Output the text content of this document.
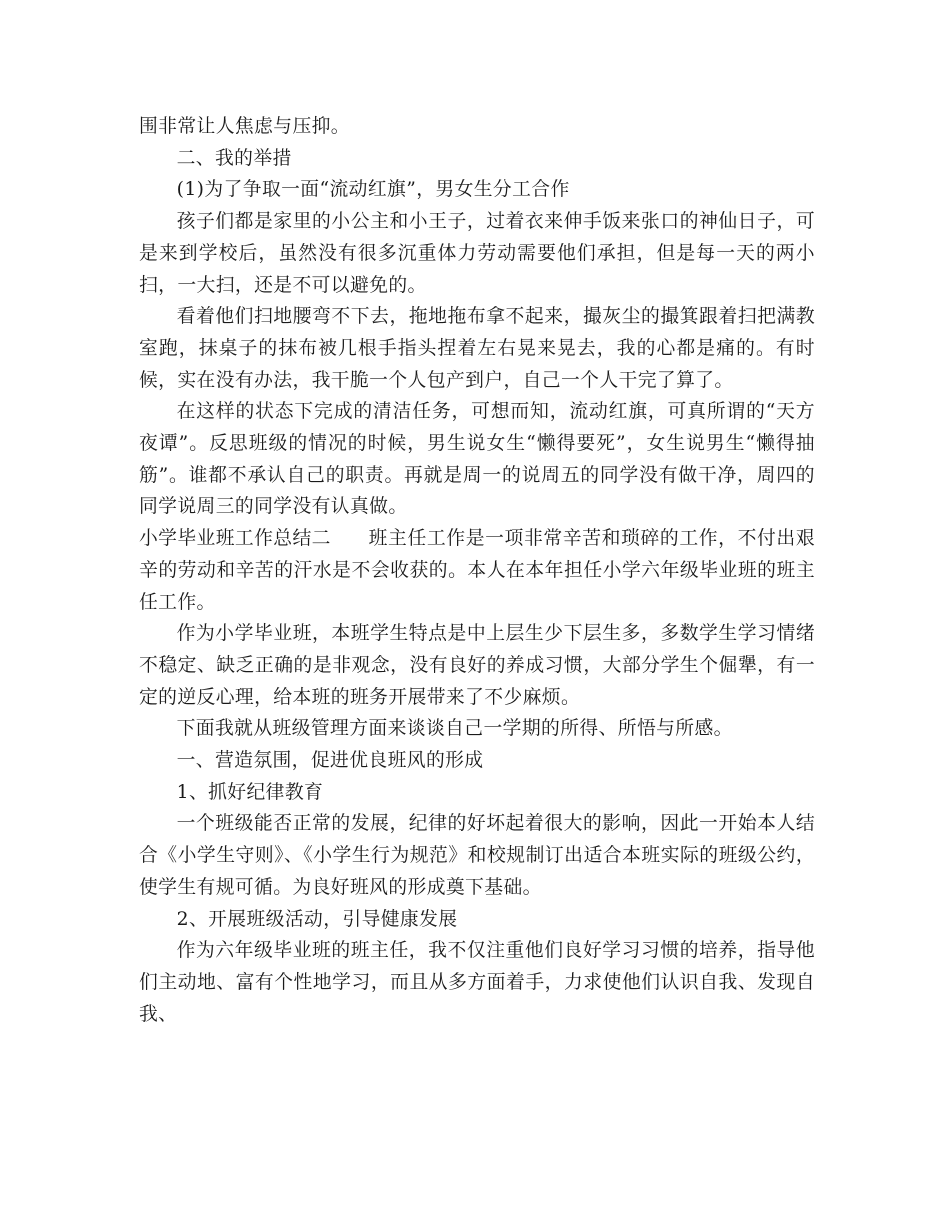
围非常让人焦虑与压抑。

二、我的举措

(1)为了争取一面“流动红旗”，男女生分工合作

孩子们都是家里的小公主和小王子，过着衣来伸手饭来张口的神仙日子，可是来到学校后，虽然没有很多沉重体力劳动需要他们承担，但是每一天的两小扫，一大扫，还是不可以避免的。

看着他们扫地腰弯不下去，拖地拖布拿不起来，撮灰尘的撮箕跟着扫把满教室跑，抹桌子的抹布被几根手指头捏着左右晃来晃去，我的心都是痛的。有时候，实在没有办法，我干脆一个人包产到户，自己一个人干完了算了。

在这样的状态下完成的清洁任务，可想而知，流动红旗，可真所谓的“天方夜谭”。反思班级的情况的时候，男生说女生“懒得要死”，女生说男生“懒得抽筋”。谁都不承认自己的职责。再就是周一的说周五的同学没有做干净，周四的同学说周三的同学没有认真做。

小学毕业班工作总结二 班主任工作是一项非常辛苦和琐碎的工作，不付出艰辛的劳动和辛苦的汗水是不会收获的。本人在本年担任小学六年级毕业班的班主任工作。

作为小学毕业班，本班学生特点是中上层生少下层生多，多数学生学习情绪不稳定、缺乏正确的是非观念，没有良好的养成习惯，大部分学生个倔犟，有一定的逆反心理，给本班的班务开展带来了不少麻烦。

下面我就从班级管理方面来谈谈自己一学期的所得、所悟与所感。

一、营造氛围，促进优良班风的形成

1、抓好纪律教育

一个班级能否正常的发展，纪律的好坏起着很大的影响，因此一开始本人结合《小学生守则》、《小学生行为规范》和校规制订出适合本班实际的班级公约，使学生有规可循。为良好班风的形成奠下基础。

2、开展班级活动，引导健康发展

作为六年级毕业班的班主任，我不仅注重他们良好学习习惯的培养，指导他们主动地、富有个性地学习，而且从多方面着手，力求使他们认识自我、发现自我、
